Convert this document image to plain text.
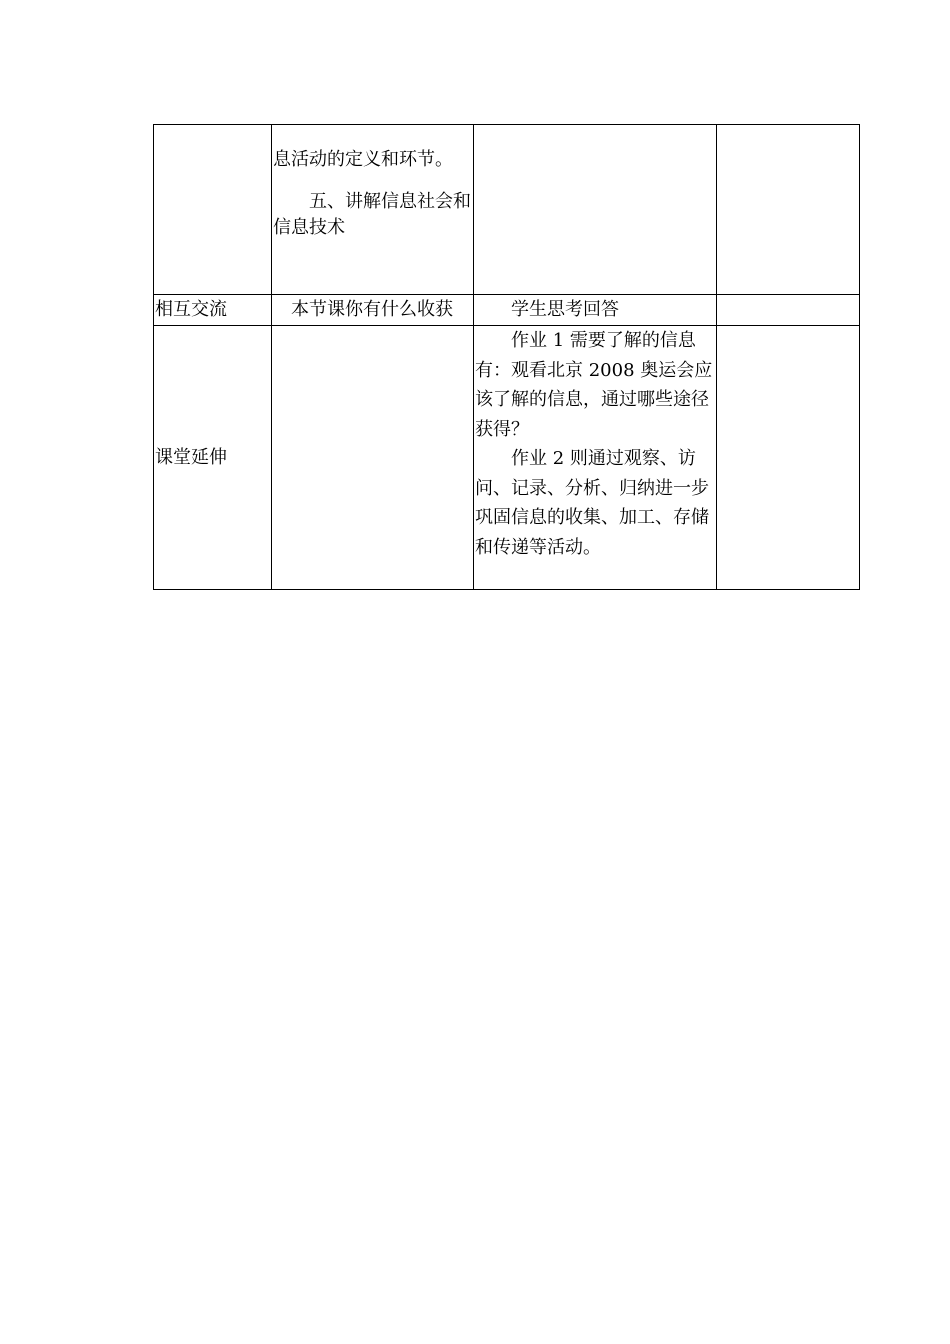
	息活动的定义和环节。

五、讲解信息社会和信息技术		

相互交流	本节课你有什么收获	学生思考回答	

课堂延伸		作业 1 需要了解的信息有：观看北京 2008 奥运会应该了解的信息，通过哪些途径获得？

作业 2 则通过观察、访问、记录、分析、归纳进一步巩固信息的收集、加工、存储和传递等活动。	
